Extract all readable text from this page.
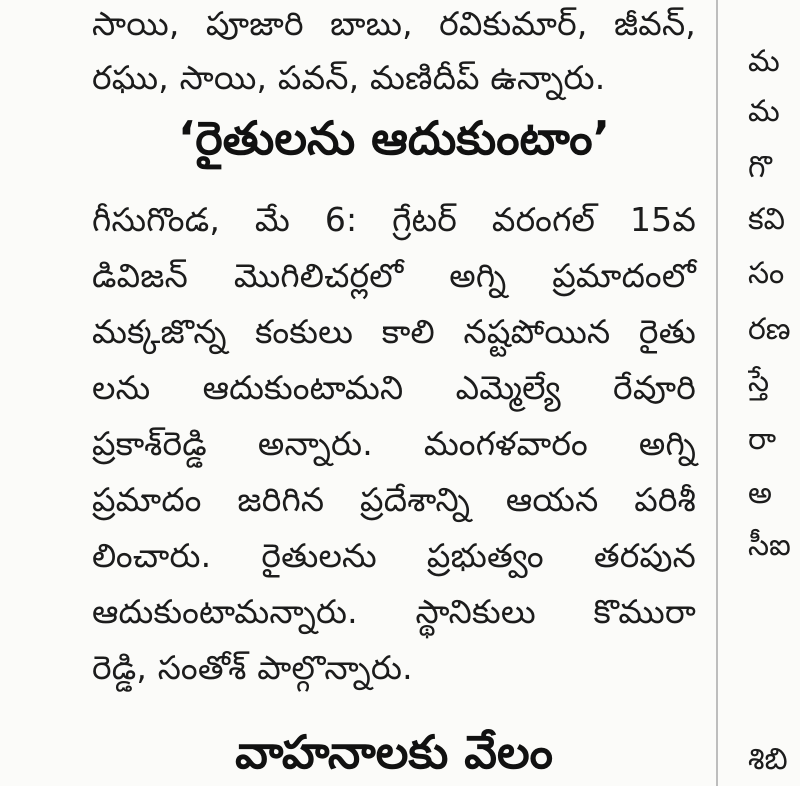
సాయి, పూజారి బాబు, రవికుమార్, జీవన్,
రఘు, సాయి, పవన్, మణిదీప్ ఉన్నారు.
‘రైతులను ఆదుకుంటాం’
గీసుగొండ, మే 6: గ్రేటర్ వరంగల్ 15వ
డివిజన్ మొగిలిచర్లలో అగ్ని ప్రమాదంలో
మక్కజొన్న కంకులు కాలి నష్టపోయిన రైతు
లను ఆదుకుంటామని ఎమ్మెల్యే రేవూరి
ప్రకాశ్‌రెడ్డి అన్నారు. మంగళవారం అగ్ని
ప్రమాదం జరిగిన ప్రదేశాన్ని ఆయన పరిశీ
లించారు. రైతులను ప్రభుత్వం తరపున
ఆదుకుంటామన్నారు. స్థానికులు కొమురా
రెడ్డి, సంతోశ్ పాల్గొన్నారు.
వాహనాలకు వేలం
మ
మ
గొ
కవి
సం
రణ
స్తే
రా
అ
సీఐ
శిబి
